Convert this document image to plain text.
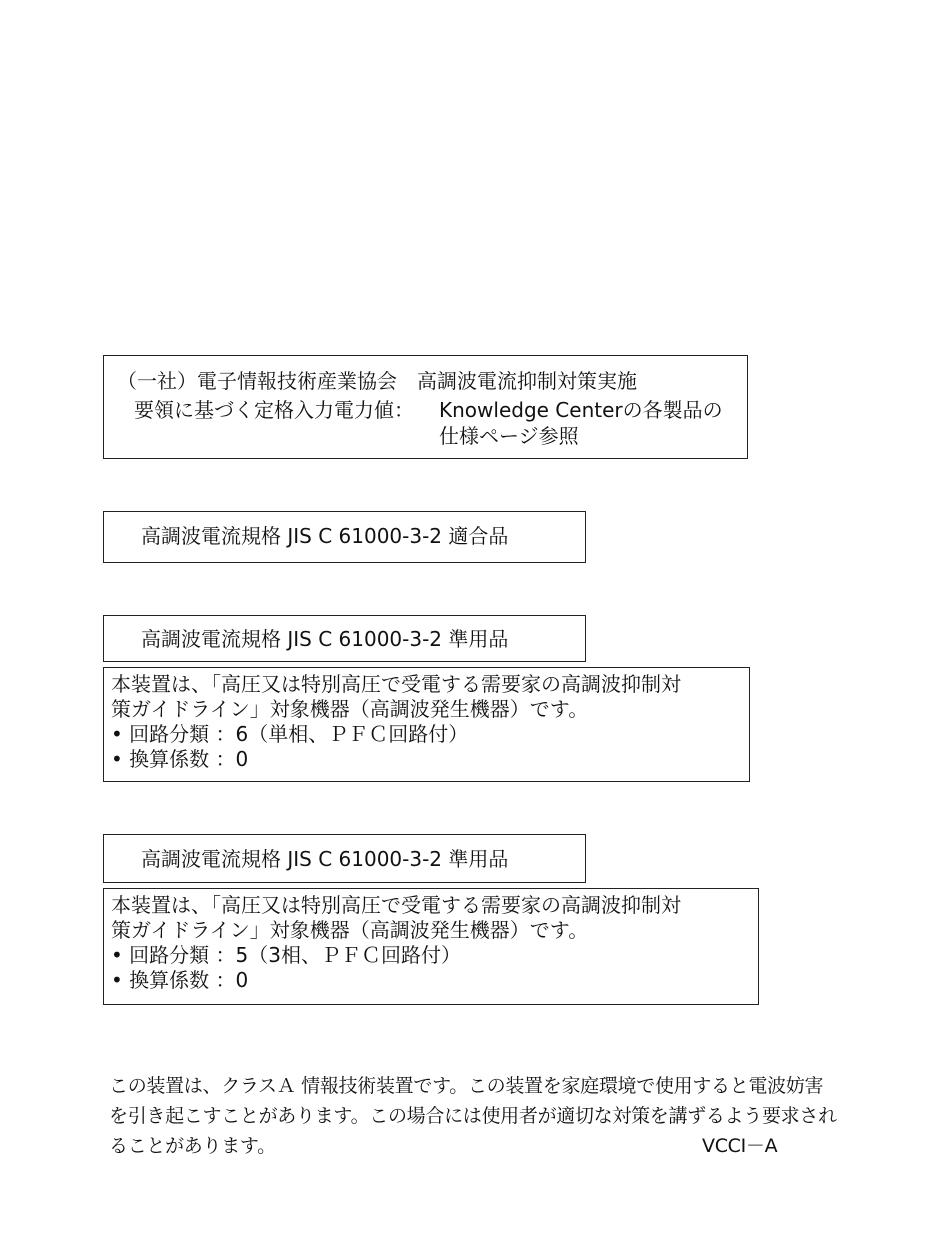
（一社）電子情報技術産業協会　高調波電流抑制対策実施
要領に基づく定格入力電力値： Knowledge Centerの各製品の
仕様ページ参照
高調波電流規格 JIS C 61000-3-2 適合品
高調波電流規格 JIS C 61000-3-2 準用品
本装置は、「高圧又は特別高圧で受電する需要家の高調波抑制対
策ガイドライン」対象機器（高調波発生機器）です。
• 回路分類 ：6（単相、ＰＦＣ回路付）
• 換算係数 ：0
高調波電流規格 JIS C 61000-3-2 準用品
本装置は、「高圧又は特別高圧で受電する需要家の高調波抑制対
策ガイドライン」対象機器（高調波発生機器）です。
• 回路分類 ：5（3相、ＰＦＣ回路付）
• 換算係数 ：0
この装置は、クラスＡ 情報技術装置です。この装置を家庭環境で使用すると電波妨害
を引き起こすことがあります。この場合には使用者が適切な対策を講ずるよう要求され
ることがあります。	VCCI－A
